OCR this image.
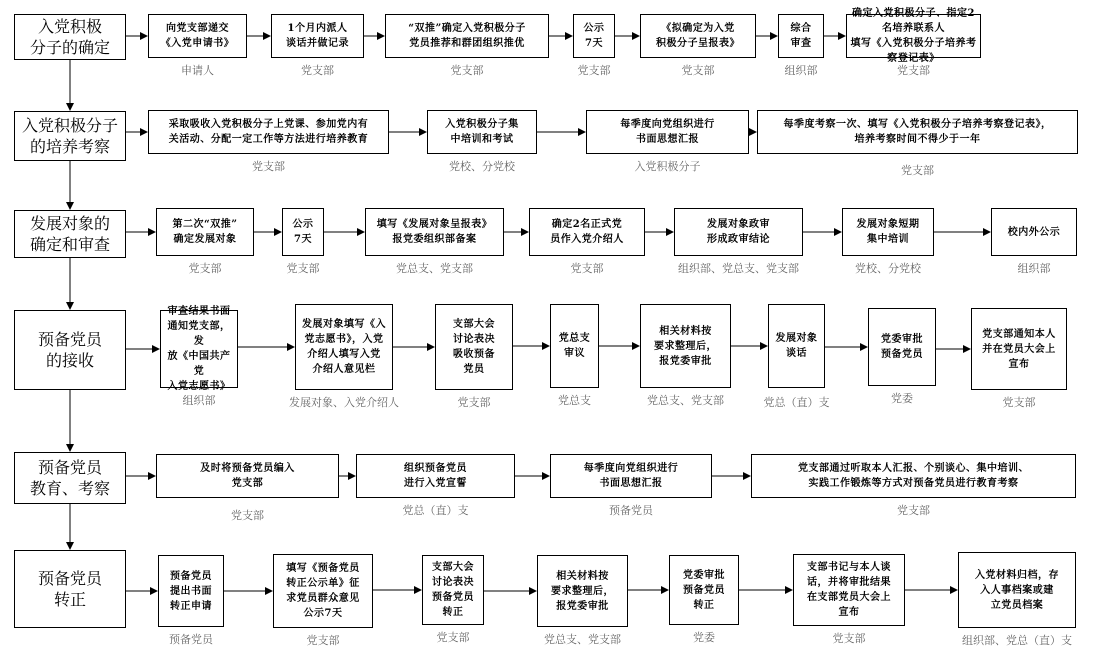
入党积极
分子的确定
向党支部递交
《入党申请书》
申请人
1个月内派人
谈话并做记录
党支部
“双推”确定入党积极分子
党员推荐和群团组织推优
党支部
公示
7天
党支部
《拟确定为入党
积极分子呈报表》
党支部
综合
审查
组织部
确定入党积极分子、指定2名培养联系人
填写《入党积极分子培养考察登记表》
党支部
入党积极分子
的培养考察
采取吸收入党积极分子上党课、参加党内有
关活动、分配一定工作等方法进行培养教育
党支部
入党积极分子集
中培训和考试
党校、分党校
每季度向党组织进行
书面思想汇报
入党积极分子
每季度考察一次、填写《入党积极分子培养考察登记表》，
培养考察时间不得少于一年
党支部
发展对象的
确定和审查
第二次“双推”
确定发展对象
党支部
公示
7天
党支部
填写《发展对象呈报表》
报党委组织部备案
党总支、党支部
确定2名正式党
员作入党介绍人
党支部
发展对象政审
形成政审结论
组织部、党总支、党支部
发展对象短期
集中培训
党校、分党校
校内外公示
组织部
预备党员
的接收
审查结果书面
通知党支部，发
放《中国共产党
入党志愿书》
组织部
发展对象填写《入
党志愿书》，入党
介绍人填写入党
介绍人意见栏
发展对象、入党介绍人
支部大会
讨论表决
吸收预备
党员
党支部
党总支
审议
党总支
相关材料按
要求整理后，
报党委审批
党总支、党支部
发展对象
谈话
党总（直）支
党委审批
预备党员
党委
党支部通知本人
并在党员大会上
宣布
党支部
预备党员
教育、考察
及时将预备党员编入
党支部
党支部
组织预备党员
进行入党宣誓
党总（直）支
每季度向党组织进行
书面思想汇报
预备党员
党支部通过听取本人汇报、个别谈心、集中培训、
实践工作锻炼等方式对预备党员进行教育考察
党支部
预备党员
转正
预备党员
提出书面
转正申请
预备党员
填写《预备党员
转正公示单》征
求党员群众意见
公示7天
党支部
支部大会
讨论表决
预备党员
转正
党支部
相关材料按
要求整理后，
报党委审批
党总支、党支部
党委审批
预备党员
转正
党委
支部书记与本人谈
话，并将审批结果
在支部党员大会上
宣布
党支部
入党材料归档，存
入人事档案或建
立党员档案
组织部、党总（直）支
